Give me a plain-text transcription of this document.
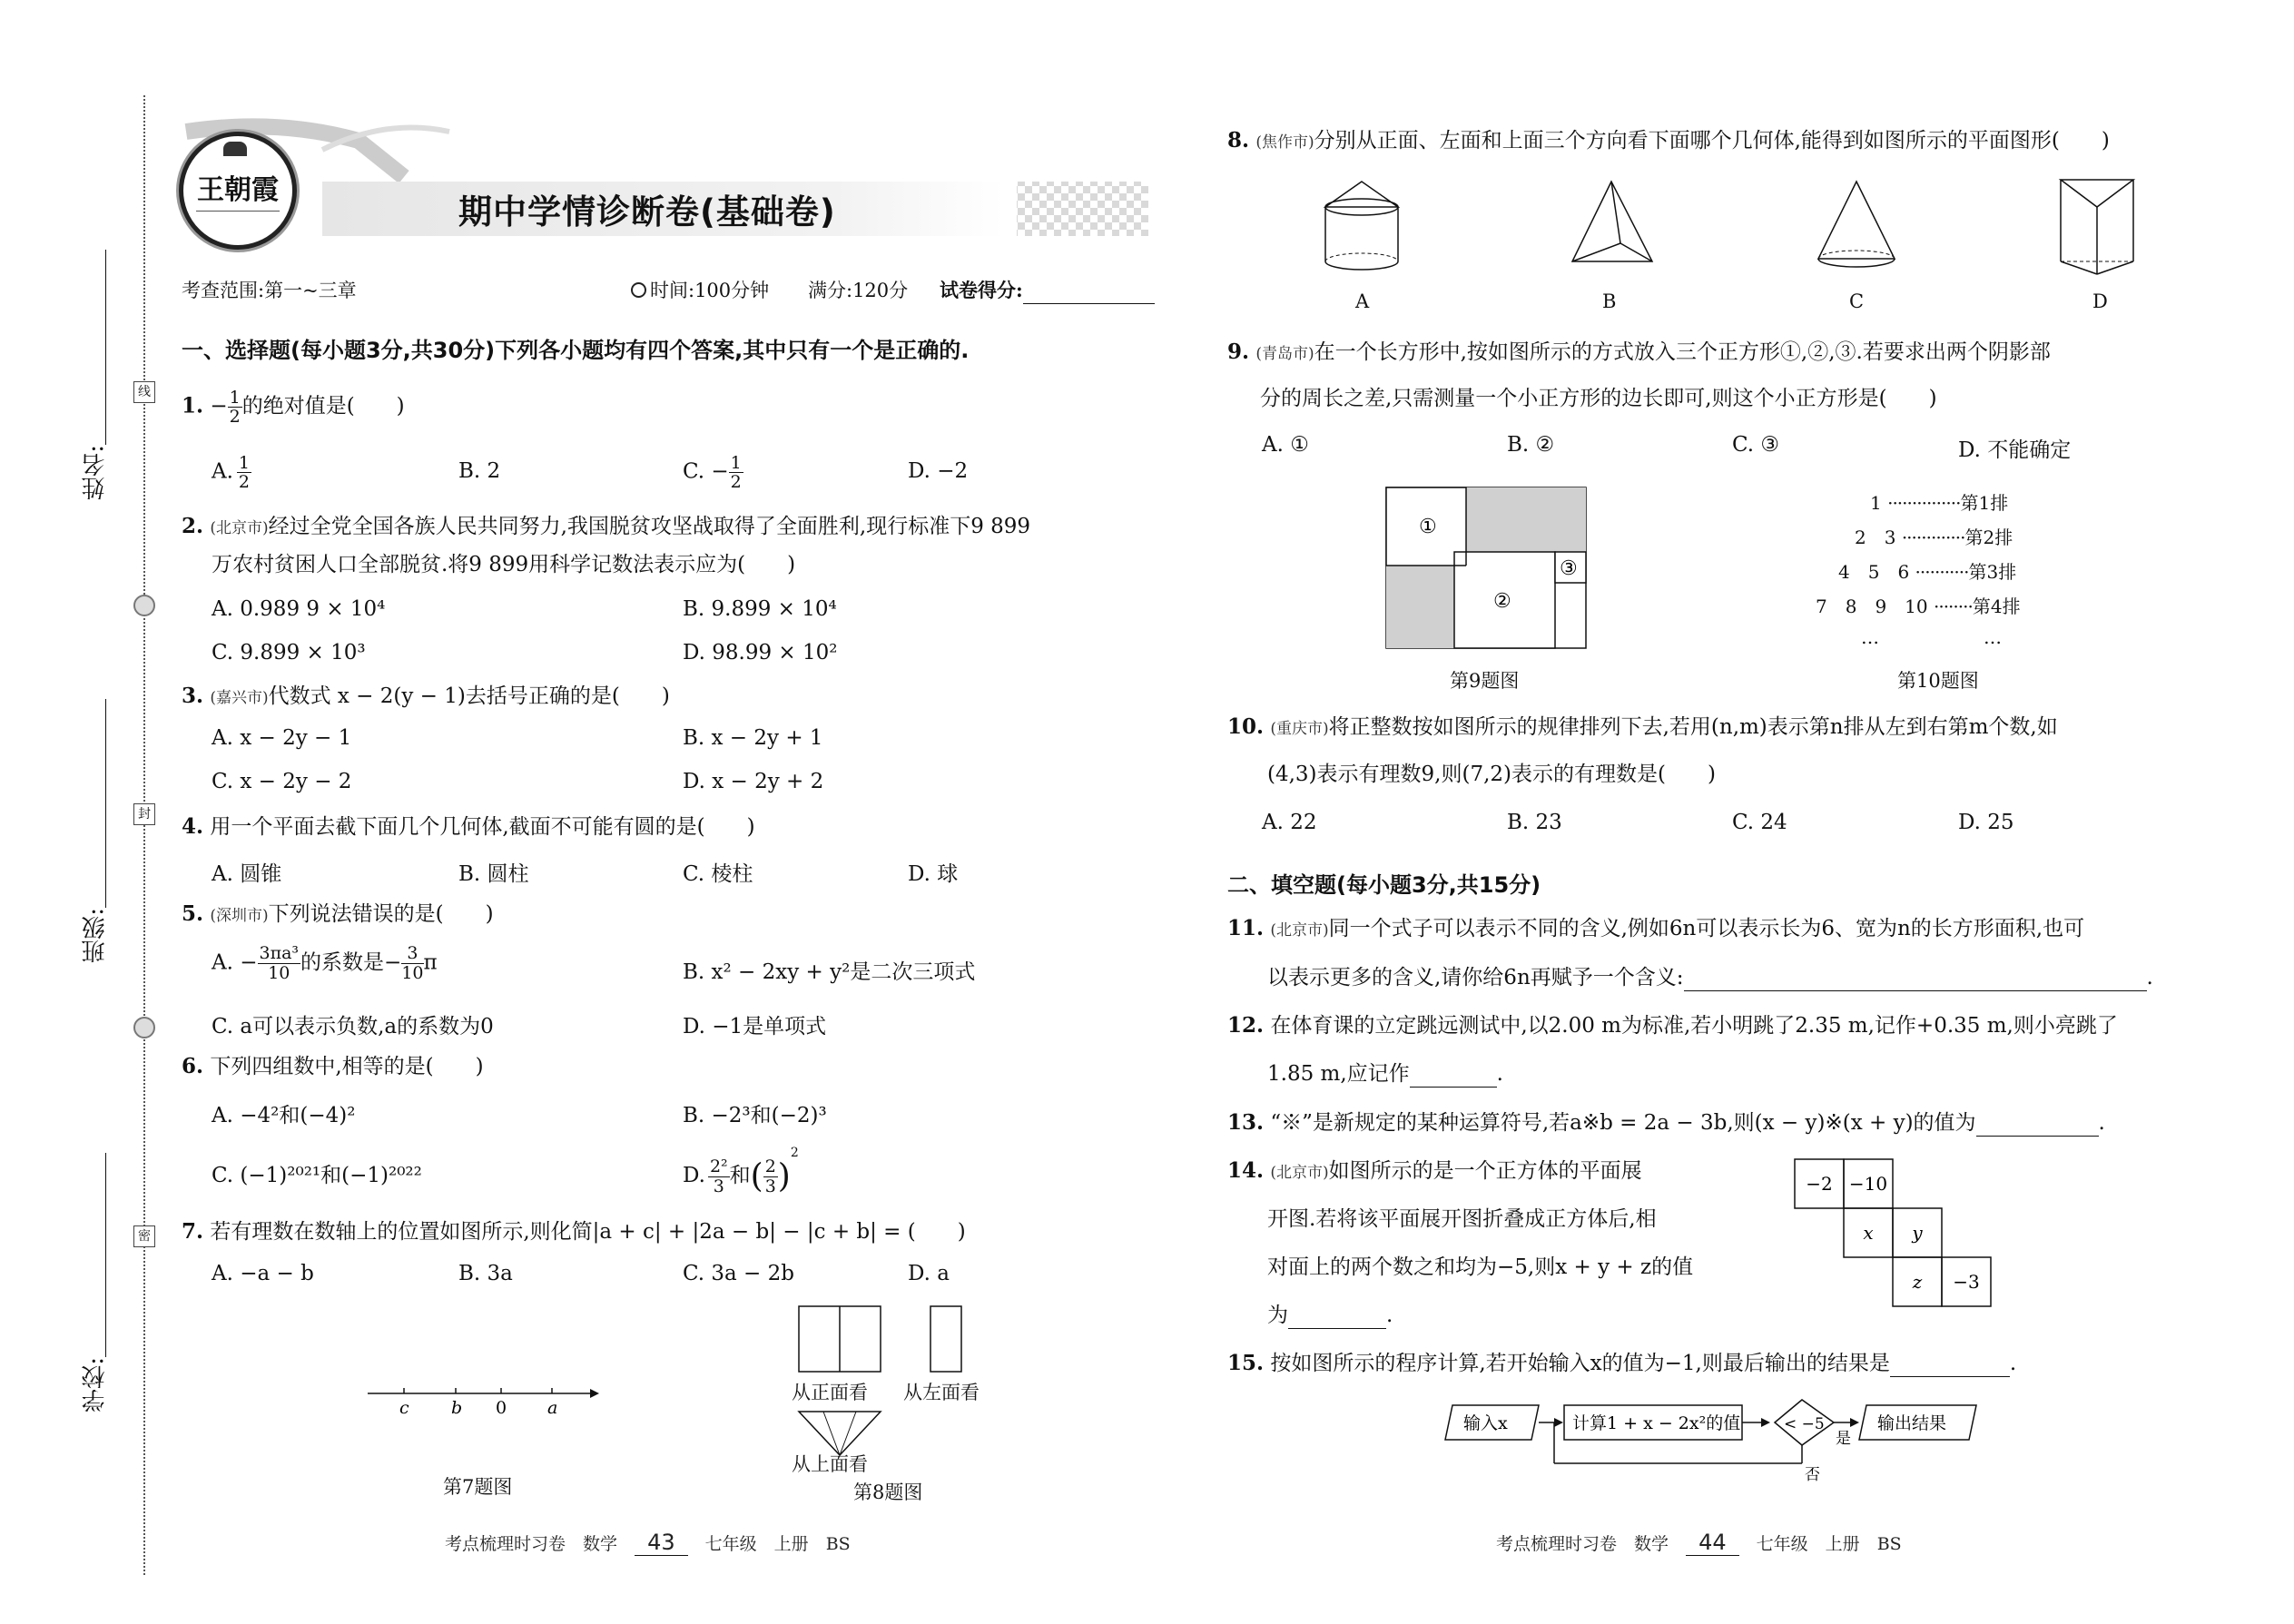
姓名:
班级:
学校:
线
封
密
王朝霞
期中学情诊断卷(基础卷)
考查范围:第一~三章	时间:100分钟 满分:120分 试卷得分:
一、选择题(每小题3分,共30分)下列各小题均有四个答案,其中只有一个是正确的.
1. − $\frac{1}{2}$ 的绝对值是(　　)
A. $\frac{1}{2}$	B. 2	C. − $\frac{1}{2}$	D. −2
2. (北京市)经过全党全国各族人民共同努力,我国脱贫攻坚战取得了全面胜利,现行标准下9 899
万农村贫困人口全部脱贫.将9 899用科学记数法表示应为(　　)
A. 0.989 9 × 10⁴	B. 9.899 × 10⁴
C. 9.899 × 10³	D. 98.99 × 10²
3. (嘉兴市)代数式 x − 2(y − 1)去括号正确的是(　　)
A. x − 2y − 1	B. x − 2y + 1
C. x − 2y − 2	D. x − 2y + 2
4. 用一个平面去截下面几个几何体,截面不可能有圆的是(　　)
A. 圆锥	B. 圆柱	C. 棱柱	D. 球
5. (深圳市)下列说法错误的是(　　)
A. − $\frac{\text{3πa³}}{10}$ 的系数是− $\frac{3}{10}$ π	B. x² − 2xy + y²是二次三项式
C. a可以表示负数,a的系数为0	D. −1是单项式
6. 下列四组数中,相等的是(　　)
A. −4²和(−4)²	B. −2³和(−2)³
C. (−1)²⁰²¹和(−1)²⁰²²	D. $\frac{\text{2²}}{3}$ 和( $\frac{2}{3} )^2$
7. 若有理数在数轴上的位置如图所示,则化简|a + c| + |2a − b| − |c + b| = (　　)
A. −a − b	B. 3a	C. 3a − 2b	D. a
c b 0 a
第7题图
从正面看 从左面看
从上面看
第8题图
考点梳理时习卷　 数学　 43　 七年级　 上册　 BS
8. (焦作市)分别从正面、左面和上面三个方向看下面哪个几何体,能得到如图所示的平面图形(　　)
A	B	C	D
9. (青岛市)在一个长方形中,按如图所示的方式放入三个正方形①,②,③.若要求出两个阴影部
分的周长之差,只需测量一个小正方形的边长即可,则这个小正方形是(　　)
A. ①	B. ②	C. ③	D. 不能确定
①
②
③
第9题图
1 ···············第1排
2　3 ·············第2排
4　5　6 ···········第3排
7　8　9　10 ········第4排
…	…
第10题图
10. (重庆市)将正整数按如图所示的规律排列下去,若用(n,m)表示第n排从左到右第m个数,如
(4,3)表示有理数9,则(7,2)表示的有理数是(　　)
A. 22	B. 23	C. 24	D. 25
二、填空题(每小题3分,共15分)
11. (北京市)同一个式子可以表示不同的含义,例如6n可以表示长为6、宽为n的长方形面积,也可
以表示更多的含义,请你给6n再赋予一个含义:	.
12. 在体育课的立定跳远测试中,以2.00 m为标准,若小明跳了2.35 m,记作+0.35 m,则小亮跳了
1.85 m,应记作	.
13. “※”是新规定的某种运算符号,若a※b = 2a − 3b,则(x − y)※(x + y)的值为	.
14. (北京市)如图所示的是一个正方体的平面展
开图.若将该平面展开图折叠成正方体后,相
对面上的两个数之和均为−5,则x + y + z的值
为	.
−2 −10
x y
z −3
15. 按如图所示的程序计算,若开始输入x的值为−1,则最后输出的结果是	.
输入x	计算1 + x − 2x²的值	< −5
是
否
输出结果
考点梳理时习卷　 数学　 44　 七年级　 上册　 BS
